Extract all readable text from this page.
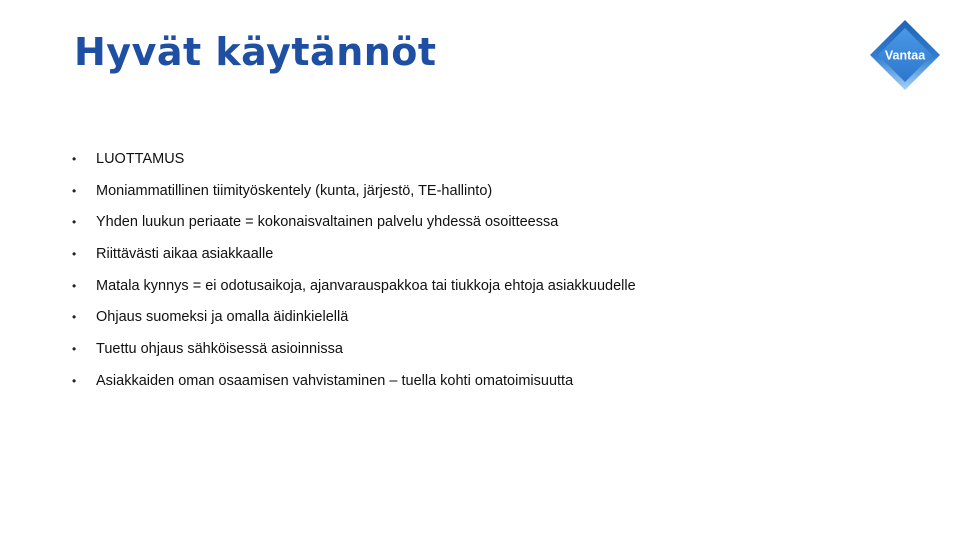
Hyvät käytännöt	Vantaa
• LUOTTAMUS
• Moniammatillinen tiimityöskentely (kunta, järjestö, TE-hallinto)
• Yhden luukun periaate = kokonaisvaltainen palvelu yhdessä osoitteessa
• Riittävästi aikaa asiakkaalle
• Matala kynnys = ei odotusaikoja, ajanvarauspakkoa tai tiukkoja ehtoja asiakkuudelle
• Ohjaus suomeksi ja omalla äidinkielellä
• Tuettu ohjaus sähköisessä asioinnissa
• Asiakkaiden oman osaamisen vahvistaminen – tuella kohti omatoimisuutta
